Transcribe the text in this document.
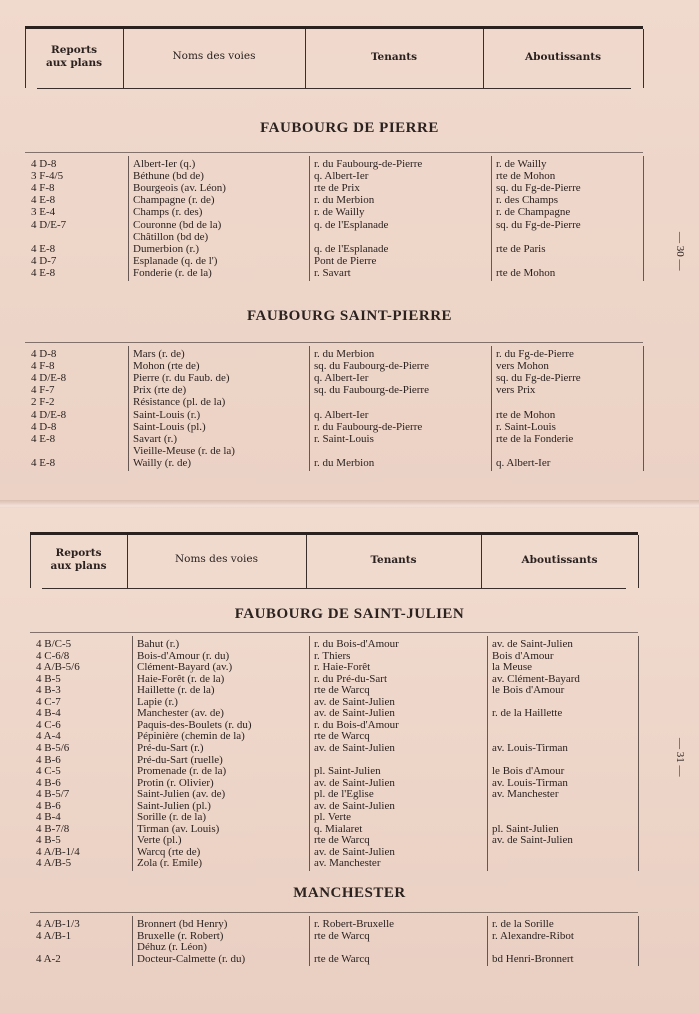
Reports
aux plans
Noms des voies	Tenants	Aboutissants
FAUBOURG DE PIERRE
4 D-8	Albert-Ier (q.)	r. du Faubourg-de-Pierre	r. de Wailly
3 F-4/5	Béthune (bd de)	q. Albert-Ier	rte de Mohon
4 F-8	Bourgeois (av. Léon)	rte de Prix	sq. du Fg-de-Pierre
4 E-8	Champagne (r. de)	r. du Merbion	r. des Champs
3 E-4	Champs (r. des)	r. de Wailly	r. de Champagne
4 D/E-7	Couronne (bd de la)	q. de l'Esplanade	sq. du Fg-de-Pierre
Châtillon (bd de)
4 E-8	Dumerbion (r.)	q. de l'Esplanade	rte de Paris
4 D-7	Esplanade (q. de l')	Pont de Pierre
4 E-8	Fonderie (r. de la)	r. Savart	rte de Mohon
FAUBOURG SAINT-PIERRE
4 D-8	Mars (r. de)	r. du Merbion	r. du Fg-de-Pierre
4 F-8	Mohon (rte de)	sq. du Faubourg-de-Pierre	vers Mohon
4 D/E-8	Pierre (r. du Faub. de)	q. Albert-Ier	sq. du Fg-de-Pierre
4 F-7	Prix (rte de)	sq. du Faubourg-de-Pierre	vers Prix
2 F-2	Résistance (pl. de la)
4 D/E-8	Saint-Louis (r.)	q. Albert-Ier	rte de Mohon
4 D-8	Saint-Louis (pl.)	r. du Faubourg-de-Pierre	r. Saint-Louis
4 E-8	Savart (r.)	r. Saint-Louis	rte de la Fonderie
Vieille-Meuse (r. de la)
4 E-8	Wailly (r. de)	r. du Merbion	q. Albert-Ier
— 30 —
Reports
aux plans
Noms des voies	Tenants	Aboutissants
FAUBOURG DE SAINT-JULIEN
4 B/C-5	Bahut (r.)	r. du Bois-d'Amour	av. de Saint-Julien
4 C-6/8	Bois-d'Amour (r. du)	r. Thiers	Bois d'Amour
4 A/B-5/6	Clément-Bayard (av.)	r. Haie-Forêt	la Meuse
4 B-5	Haie-Forêt (r. de la)	r. du Pré-du-Sart	av. Clément-Bayard
4 B-3	Haillette (r. de la)	rte de Warcq	le Bois d'Amour
4 C-7	Lapie (r.)	av. de Saint-Julien
4 B-4	Manchester (av. de)	av. de Saint-Julien	r. de la Haillette
4 C-6	Paquis-des-Boulets (r. du)	r. du Bois-d'Amour
4 A-4	Pépinière (chemin de la)	rte de Warcq
4 B-5/6	Pré-du-Sart (r.)	av. de Saint-Julien	av. Louis-Tirman
4 B-6	Pré-du-Sart (ruelle)
4 C-5	Promenade (r. de la)	pl. Saint-Julien	le Bois d'Amour
4 B-6	Protin (r. Olivier)	av. de Saint-Julien	av. Louis-Tirman
4 B-5/7	Saint-Julien (av. de)	pl. de l'Eglise	av. Manchester
4 B-6	Saint-Julien (pl.)	av. de Saint-Julien
4 B-4	Sorille (r. de la)	pl. Verte
4 B-7/8	Tirman (av. Louis)	q. Mialaret	pl. Saint-Julien
4 B-5	Verte (pl.)	rte de Warcq	av. de Saint-Julien
4 A/B-1/4	Warcq (rte de)	av. de Saint-Julien
4 A/B-5	Zola (r. Emile)	av. Manchester
MANCHESTER
4 A/B-1/3	Bronnert (bd Henry)	r. Robert-Bruxelle	r. de la Sorille
4 A/B-1	Bruxelle (r. Robert)	rte de Warcq	r. Alexandre-Ribot
Déhuz (r. Léon)
4 A-2	Docteur-Calmette (r. du)	rte de Warcq	bd Henri-Bronnert
— 31 —
